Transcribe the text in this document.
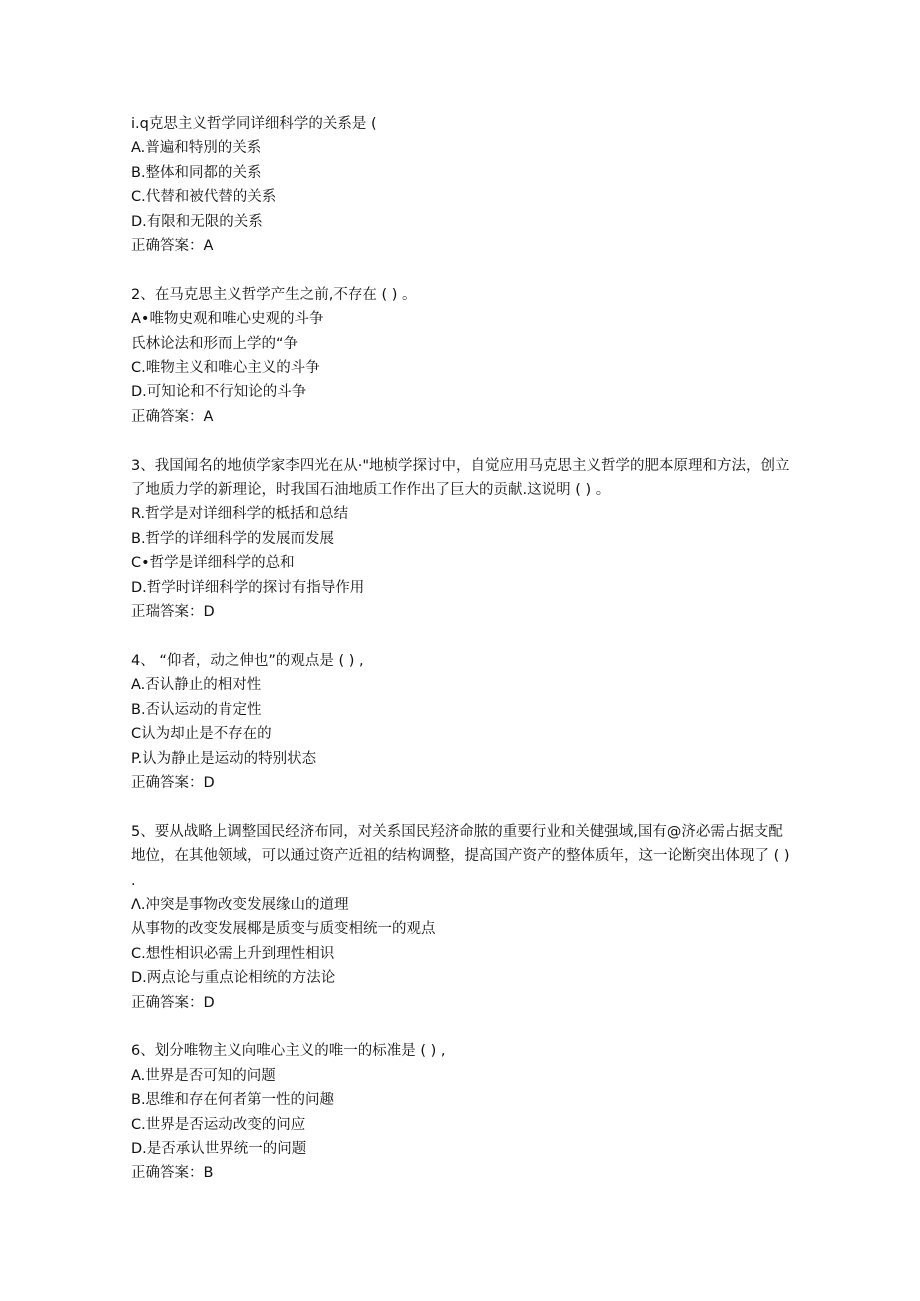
i.q克思主义哲学同详细科学的关系是 (
A.普遍和特別的关系
B.整体和同都的关系
C.代替和被代替的关系
D.有限和无限的关系
正确答案：A
2、在马克思主义哲学产生之前,不存在 ( ) 。
A•唯物史观和唯心史观的斗争
氏林论法和形而上学的“争
C.唯物主义和唯心主义的斗争
D.可知论和不行知论的斗争
正确答案：A
3、我国闻名的地侦学家李四光在从·"地桢学探讨中，自觉应用马克思主义哲学的肥本原理和方法，创立了地质力学的新理论，时我国石油地质工作作出了巨大的贡献.这说明 ( ) 。
R.哲学是对详细科学的柢括和总结
B.哲学的详细科学的发展而发展
C•哲学是详细科学的总和
D.哲学时详细科学的探讨有指导作用
正瑞答案：D
4、 “仰者，动之伸也”的观点是 ( ) ,
A.否认静止的相对性
B.否认运动的肯定性
C认为却止是不存在的
P.认为静止是运动的特别状态
正确答案：D
5、要从战略上调整国民经济布同，对关系国民羟济命脓的重要行业和关健强域,国有@济必需占据支配地位，在其他领域，可以通过资产近祖的结构调整，提高国产资产的整体质年，这一论断突出体现了 ( ) .
Λ.冲突是事物改变发展缘山的道理
从事物的改变发展椰是质变与质变相统一的观点
C.想性相识必需上升到理性相识
D.两点论与重点论相统的方法论
正确答案：D
6、划分唯物主义向唯心主义的唯一的标准是 ( ) ,
A.世界是否可知的问题
B.思维和存在何者第一性的问趣
C.世界是否运动改变的问应
D.是否承认世界统一的问题
正确答案：B
